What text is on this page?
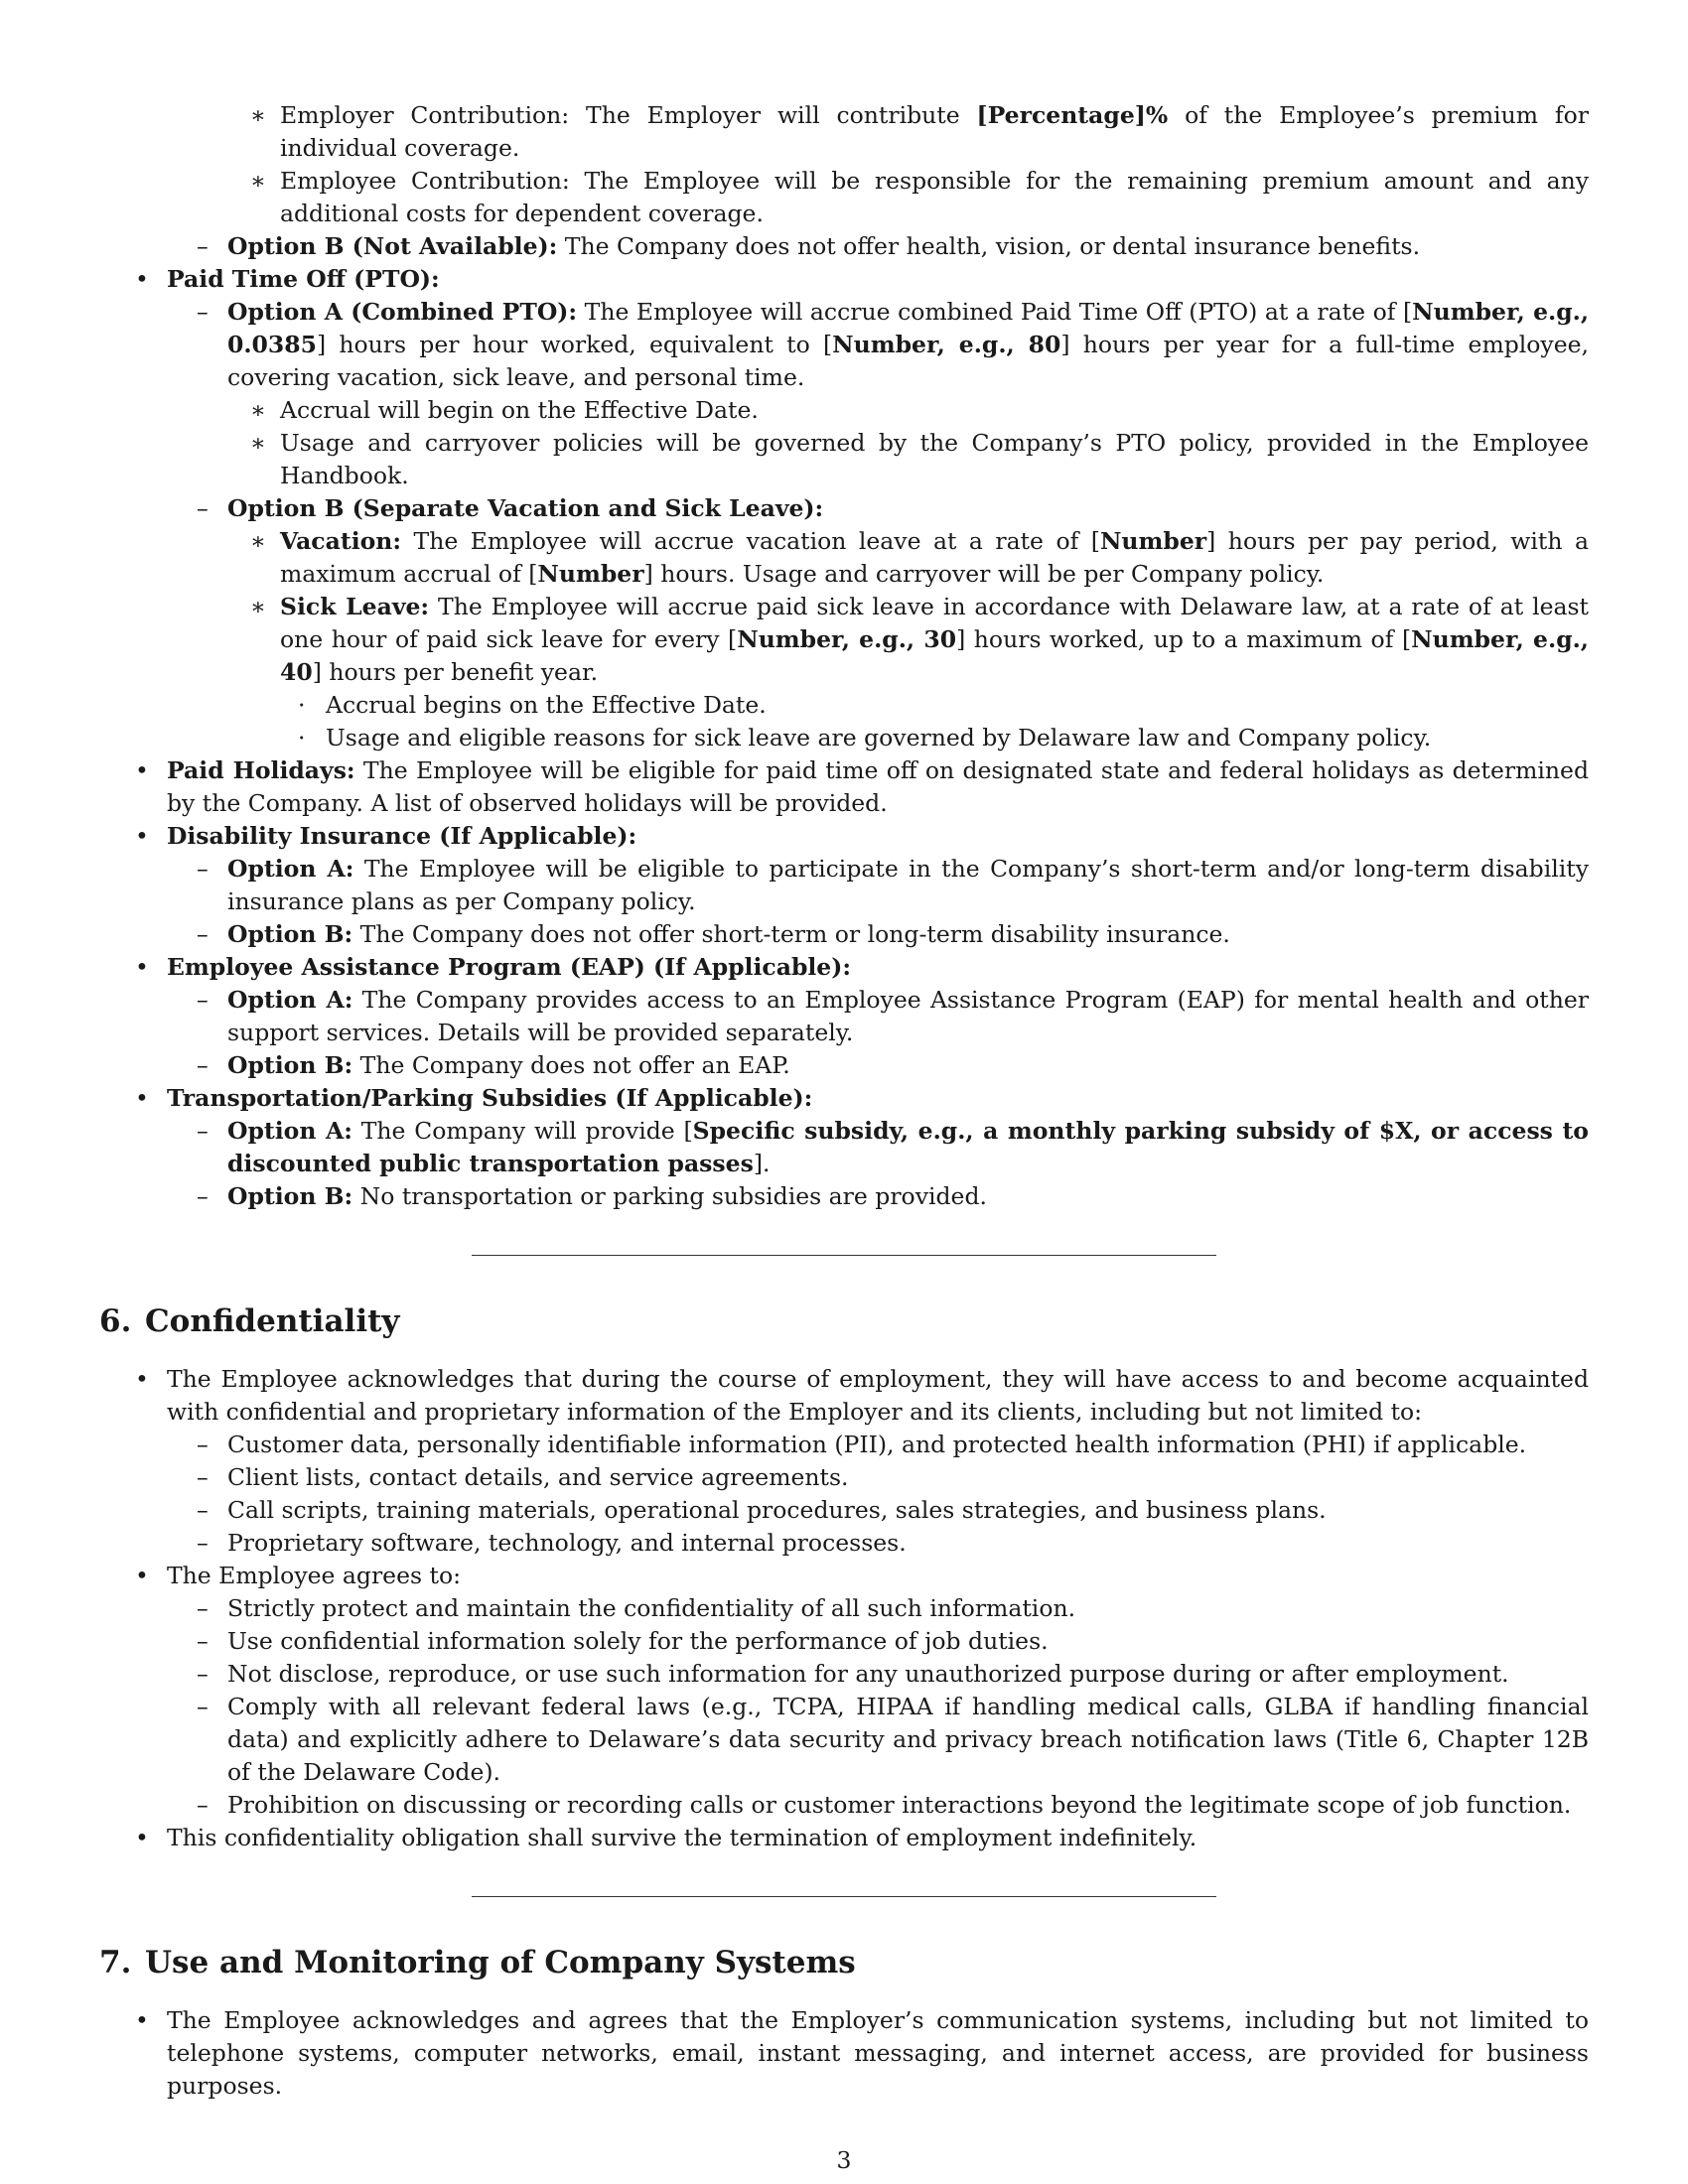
∗ Employer Contribution: The Employer will contribute [Percentage]% of the Employee’s premium for individual coverage.
∗ Employee Contribution: The Employee will be responsible for the remaining premium amount and any additional costs for dependent coverage.
– Option B (Not Available): The Company does not offer health, vision, or dental insurance benefits.
• Paid Time Off (PTO):
– Option A (Combined PTO): The Employee will accrue combined Paid Time Off (PTO) at a rate of [Number, e.g., 0.0385] hours per hour worked, equivalent to [Number, e.g., 80] hours per year for a full-time employee, covering vacation, sick leave, and personal time.
∗ Accrual will begin on the Effective Date.
∗ Usage and carryover policies will be governed by the Company’s PTO policy, provided in the Employee Handbook.
– Option B (Separate Vacation and Sick Leave):
∗ Vacation: The Employee will accrue vacation leave at a rate of [Number] hours per pay period, with a maximum accrual of [Number] hours. Usage and carryover will be per Company policy.
∗ Sick Leave: The Employee will accrue paid sick leave in accordance with Delaware law, at a rate of at least one hour of paid sick leave for every [Number, e.g., 30] hours worked, up to a maximum of [Number, e.g., 40] hours per benefit year.
· Accrual begins on the Effective Date.
· Usage and eligible reasons for sick leave are governed by Delaware law and Company policy.
• Paid Holidays: The Employee will be eligible for paid time off on designated state and federal holidays as determined by the Company. A list of observed holidays will be provided.
• Disability Insurance (If Applicable):
– Option A: The Employee will be eligible to participate in the Company’s short-term and/or long-term disability insurance plans as per Company policy.
– Option B: The Company does not offer short-term or long-term disability insurance.
• Employee Assistance Program (EAP) (If Applicable):
– Option A: The Company provides access to an Employee Assistance Program (EAP) for mental health and other support services. Details will be provided separately.
– Option B: The Company does not offer an EAP.
• Transportation/Parking Subsidies (If Applicable):
– Option A: The Company will provide [Specific subsidy, e.g., a monthly parking subsidy of $X, or access to discounted public transportation passes].
– Option B: No transportation or parking subsidies are provided.
6. Confidentiality
• The Employee acknowledges that during the course of employment, they will have access to and become acquainted with confidential and proprietary information of the Employer and its clients, including but not limited to:
– Customer data, personally identifiable information (PII), and protected health information (PHI) if applicable.
– Client lists, contact details, and service agreements.
– Call scripts, training materials, operational procedures, sales strategies, and business plans.
– Proprietary software, technology, and internal processes.
• The Employee agrees to:
– Strictly protect and maintain the confidentiality of all such information.
– Use confidential information solely for the performance of job duties.
– Not disclose, reproduce, or use such information for any unauthorized purpose during or after employment.
– Comply with all relevant federal laws (e.g., TCPA, HIPAA if handling medical calls, GLBA if handling financial data) and explicitly adhere to Delaware’s data security and privacy breach notification laws (Title 6, Chapter 12B of the Delaware Code).
– Prohibition on discussing or recording calls or customer interactions beyond the legitimate scope of job function.
• This confidentiality obligation shall survive the termination of employment indefinitely.
7. Use and Monitoring of Company Systems
• The Employee acknowledges and agrees that the Employer’s communication systems, including but not limited to telephone systems, computer networks, email, instant messaging, and internet access, are provided for business purposes.
3
